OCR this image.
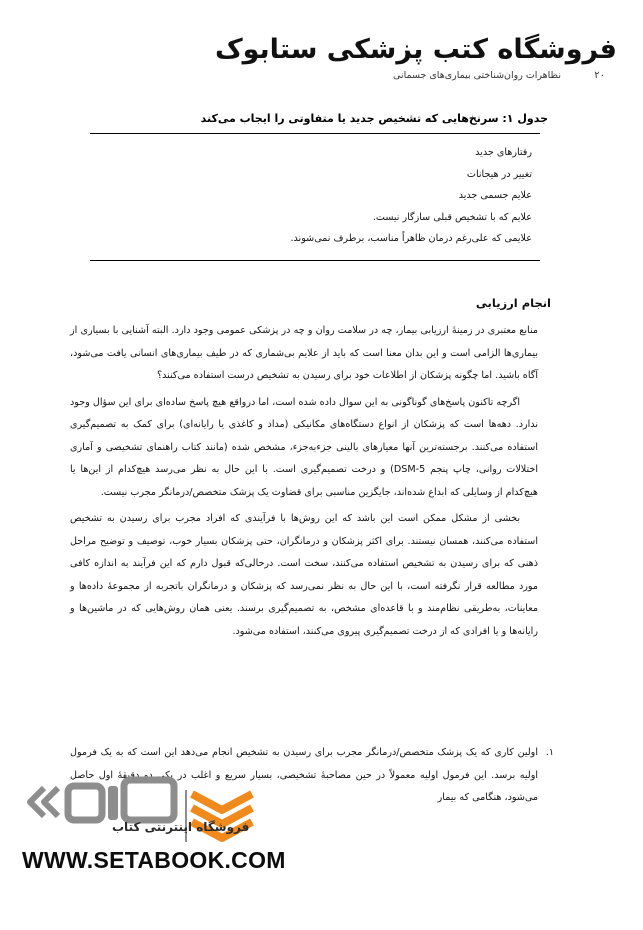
فروشگاه کتب پزشکی ستابوک
۲۰
نظاهرات روان‌شناختی بیماری‌های جسمانی
جدول ۱: سرنخ‌هایی که تشخیص جدید یا متفاوتی را ایجاب می‌کند
رفتارهای جدید
تغییر در هیجانات
علایم جسمی جدید
علایم که با تشخیص قبلی سازگار نیست.
علایمی که علی‌رغم درمان ظاهراً مناسب، برطرف نمی‌شوند.
انجام ارزیابی

منابع معتبری در زمینهٔ ارزیابی بیمار، چه در سلامت روان و چه در پزشکی عمومی وجود دارد. البته آشنایی با بسیاری از بیماری‌ها الزامی است و این بدان معنا است که باید از علایم بی‌شماری که در طیف بیماری‌های انسانی یافت می‌شود، آگاه باشید. اما چگونه پزشکان از اطلاعات خود برای رسیدن به تشخیص درست استفاده می‌کنند؟

اگرچه تاکنون پاسخ‌های گوناگونی به این سوال داده شده است، اما درواقع هیچ پاسخ ساده‌ای برای این سؤال وجود ندارد. دهه‌ها است که پزشکان از انواع دستگاه‌های مکانیکی (مداد و کاغذی یا رایانه‌ای) برای کمک به تصمیم‌گیری استفاده می‌کنند. برجسته‌ترین آنها معیارهای بالینی جزءبه‌جزء، مشخص شده (مانند کتاب راهنمای تشخیصی و آماری اختلالات روانی، چاپ پنجم DSM-5) و درخت تصمیم‌گیری است. با این حال به نظر می‌رسد هیچ‌کدام از این‌ها یا هیچ‌کدام از وسایلی که ابداع شده‌اند، جایگزین مناسبی برای قضاوت یک پزشک متخصص/درمانگر مجرب نیست.

بخشی از مشکل ممکن است این باشد که این روش‌ها با فرآیندی که افراد مجرب برای رسیدن به تشخیص استفاده می‌کنند، همسان نیستند. برای اکثر پزشکان و درمانگران، حتی پزشکان بسیار خوب، توصیف و توضیح مراحل ذهنی که برای رسیدن به تشخیص استفاده می‌کنند، سخت است. درحالی‌که قبول دارم که این فرآیند به اندازه کافی مورد مطالعه قرار نگرفته است، با این حال به نظر نمی‌رسد که پزشکان و درمانگران باتجربه از مجموعهٔ داده‌ها و معاینات، به‌طریقی نظام‌مند و با قاعده‌ای مشخص، به تصمیم‌گیری برسند. یعنی همان روش‌هایی که در ماشین‌ها و رایانه‌ها و یا افرادی که از درخت تصمیم‌گیری پیروی می‌کنند، استفاده می‌شود.

۱.
اولین کاری که یک پزشک متخصص/درمانگر مجرب برای رسیدن به تشخیص انجام می‌دهد این است که به یک فرمول اولیه برسد. این فرمول اولیه معمولاً در حین مصاحبهٔ تشخیصی، بسیار سریع و اغلب در یکی دو دقیقهٔ اول حاصل می‌شود، هنگامی که بیمار
فروشگاه اینترنتی کتاب
WWW.SETABOOK.COM
